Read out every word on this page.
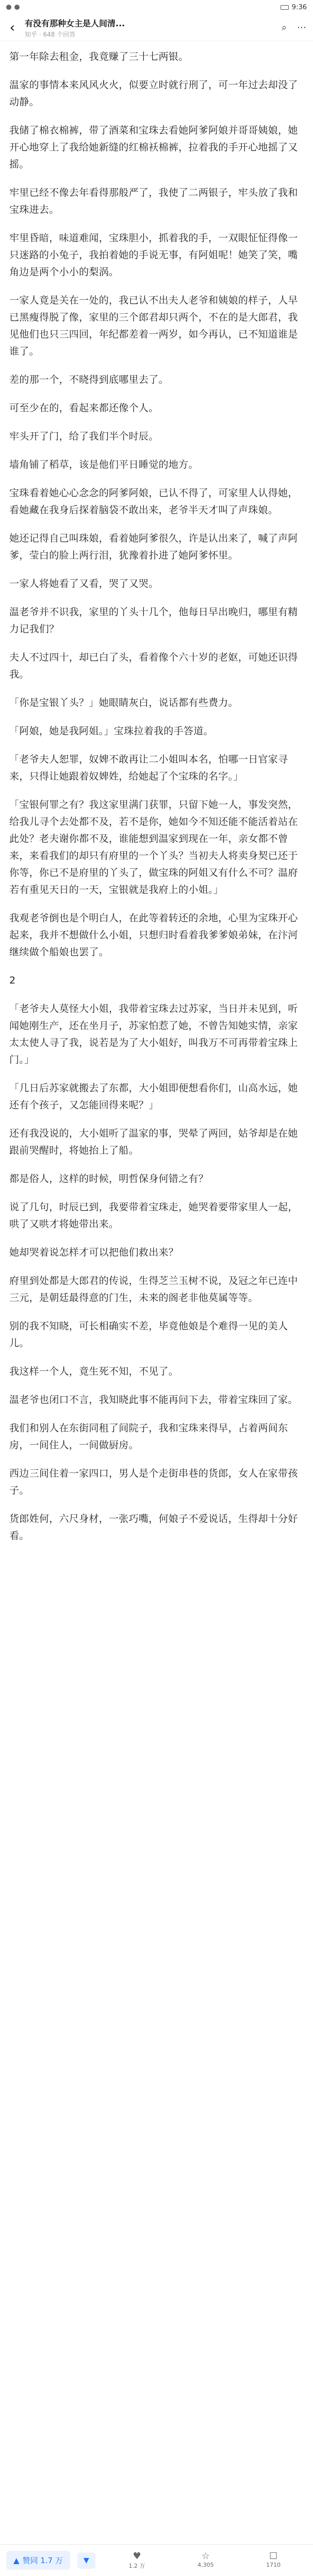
9:36
‹ 有没有那种女主是人间清...
知乎 · 648 个回答
⌕	⋯

第一年除去租金，我竟赚了三十七两银。

温家的事情本来风风火火，似要立时就行刑了，可一年过去却没了动静。

我储了棉衣棉裤，带了酒菜和宝珠去看她阿爹阿娘并哥哥姨娘，她开心地穿上了我给她新缝的红棉袄棉裤，拉着我的手开心地摇了又摇。

牢里已经不像去年看得那般严了，我使了二两银子，牢头放了我和宝珠进去。

牢里昏暗，味道难闻，宝珠胆小，抓着我的手，一双眼怔怔得像一只迷路的小兔子，我拍着她的手说无事，有阿姐呢！她笑了笑，嘴角边是两个小小的梨涡。

一家人竟是关在一处的，我已认不出夫人老爷和姨娘的样子，人早已黑瘦得脱了像，家里的三个郎君却只两个，不在的是大郎君，我见他们也只三四回，年纪都差着一两岁，如今再认，已不知道谁是谁了。

差的那一个，不晓得到底哪里去了。

可至少在的，看起来都还像个人。

牢头开了门，给了我们半个时辰。

墙角铺了稻草，该是他们平日睡觉的地方。

宝珠看着她心心念念的阿爹阿娘，已认不得了，可家里人认得她，看她藏在我身后探着脑袋不敢出来，老爷半天才叫了声珠娘。

她还记得自己叫珠娘，看着她阿爹很久，许是认出来了，喊了声阿爹，莹白的脸上两行泪，犹豫着扑进了她阿爹怀里。

一家人将她看了又看，哭了又哭。

温老爷并不识我，家里的丫头十几个，他每日早出晚归，哪里有精力记我们？

夫人不过四十，却已白了头，看着像个六十岁的老妪，可她还识得我。

「你是宝银丫头？」她眼睛灰白，说话都有些费力。

「阿娘，她是我阿姐。」宝珠拉着我的手答道。

「老爷夫人恕罪，奴婢不敢再让二小姐叫本名，怕哪一日官家寻来，只得让她跟着奴婢姓，给她起了个宝珠的名字。」

「宝银何罪之有？我这家里满门获罪，只留下她一人，事发突然，给我儿寻个去处都不及，若不是你，她如今不知还能不能活着站在此处？老夫谢你都不及，谁能想到温家到现在一年，亲女都不曾来，来看我们的却只有府里的一个丫头？当初夫人将卖身契已还于你等，你已不是府里的丫头了，做宝珠的阿姐又有什么不可？温府若有重见天日的一天，宝银就是我府上的小姐。」

我观老爷倒也是个明白人，在此等着转还的余地，心里为宝珠开心起来，我并不想做什么小姐，只想归时看着我爹爹娘弟妹，在汴河继续做个船娘也罢了。

2

「老爷夫人莫怪大小姐，我带着宝珠去过苏家，当日并未见到，听闻她刚生产，还在坐月子，苏家怕惹了她，不曾告知她实情，亲家太太使人寻了我，说若是为了大小姐好，叫我万不可再带着宝珠上门。」

「几日后苏家就搬去了东都，大小姐即便想看你们，山高水远，她还有个孩子，又怎能回得来呢？」

还有我没说的，大小姐听了温家的事，哭晕了两回，姑爷却是在她跟前哭醒时，将她抬上了船。

都是俗人，这样的时候，明哲保身何错之有？

说了几句，时辰已到，我要带着宝珠走，她哭着要带家里人一起，哄了又哄才将她带出来。

她却哭着说怎样才可以把他们救出来？

府里到处都是大郎君的传说，生得芝兰玉树不说，及冠之年已连中三元，是朝廷最得意的门生，未来的阁老非他莫属等等。

别的我不知晓，可长相确实不差，毕竟他娘是个难得一见的美人儿。

我这样一个人，竟生死不知，不见了。

温老爷也闭口不言，我知晓此事不能再问下去，带着宝珠回了家。

我们和别人在东街同租了间院子，我和宝珠来得早，占着两间东房，一间住人，一间做厨房。

西边三间住着一家四口，男人是个走街串巷的货郎，女人在家带孩子。

货郎姓何，六尺身材，一张巧嘴，何娘子不爱说话，生得却十分好看。

▲ 赞同 1.7 万	▼	♥
1.2 万
☆
4,305
☐
1710
